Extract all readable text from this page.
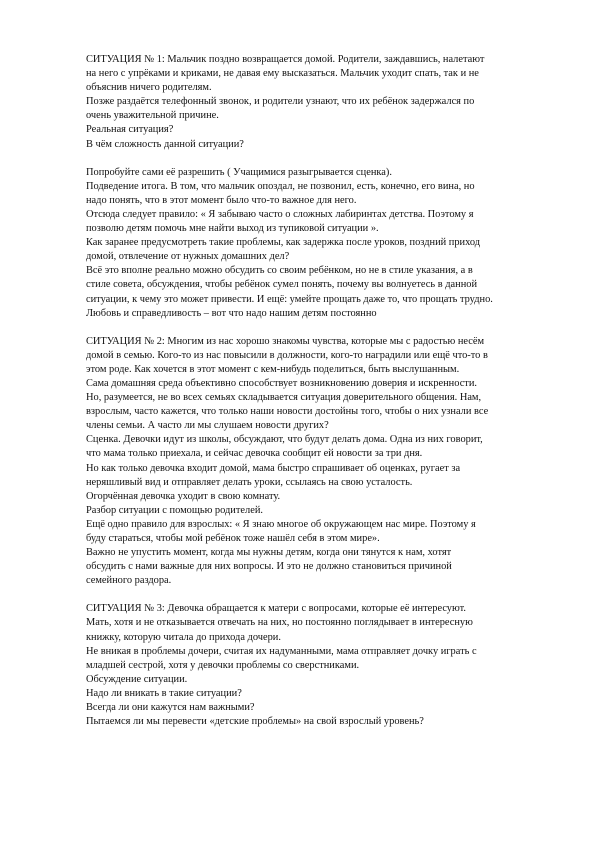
СИТУАЦИЯ № 1: Мальчик поздно возвращается домой. Родители, заждавшись, налетают
на него с упрёками и криками, не давая ему высказаться. Мальчик уходит спать, так и не
объяснив ничего родителям.
Позже раздаётся телефонный звонок, и родители узнают, что их ребёнок задержался по
очень уважительной причине.
Реальная ситуация?
В чём сложность данной ситуации?
Попробуйте сами её разрешить ( Учащимися разыгрывается сценка).
Подведение итога. В том, что мальчик опоздал, не позвонил, есть, конечно, его вина, но
надо понять, что в этот момент было что-то важное для него.
Отсюда следует правило: « Я забываю часто о сложных лабиринтах детства. Поэтому я
позволю детям помочь мне найти выход из тупиковой ситуации ».
Как заранее предусмотреть такие проблемы, как задержка после уроков, поздний приход
домой, отвлечение от нужных домашних дел?
Всё это вполне реально можно обсудить со своим ребёнком, но не в стиле указания, а в
стиле совета, обсуждения, чтобы ребёнок сумел понять, почему вы волнуетесь в данной
ситуации, к чему это может привести. И ещё: умейте прощать даже то, что прощать трудно.
Любовь и справедливость – вот что надо нашим детям постоянно
СИТУАЦИЯ № 2: Многим из нас хорошо знакомы чувства, которые мы с радостью несём
домой в семью. Кого-то из нас повысили в должности, кого-то наградили или ещё что-то в
этом роде. Как хочется в этот момент с кем-нибудь поделиться, быть выслушанным.
Сама домашняя среда объективно способствует возникновению доверия и искренности.
Но, разумеется, не во всех семьях складывается ситуация доверительного общения. Нам,
взрослым, часто кажется, что только наши новости достойны того, чтобы о них узнали все
члены семьи. А часто ли мы слушаем новости других?
Сценка. Девочки идут из школы, обсуждают, что будут делать дома. Одна из них говорит,
что мама только приехала, и сейчас девочка сообщит ей новости за три дня.
Но как только девочка входит домой, мама быстро спрашивает об оценках, ругает за
неряшливый вид и отправляет делать уроки, ссылаясь на свою усталость.
Огорчённая девочка уходит в свою комнату.
Разбор ситуации с помощью родителей.
Ещё одно правило для взрослых: « Я знаю многое об окружающем нас мире. Поэтому я
буду стараться, чтобы мой ребёнок тоже нашёл себя в этом мире».
Важно не упустить момент, когда мы нужны детям, когда они тянутся к нам, хотят
обсудить с нами важные для них вопросы. И это не должно становиться причиной
семейного раздора.
СИТУАЦИЯ № 3: Девочка обращается к матери с вопросами, которые её интересуют.
Мать, хотя и не отказывается отвечать на них, но постоянно поглядывает в интересную
книжку, которую читала до прихода дочери.
Не вникая в проблемы дочери, считая их надуманными, мама отправляет дочку играть с
младшей сестрой, хотя у девочки проблемы со сверстниками.
Обсуждение ситуации.
Надо ли вникать в такие ситуации?
Всегда ли они кажутся нам важными?
Пытаемся ли мы перевести «детские проблемы» на свой взрослый уровень?
